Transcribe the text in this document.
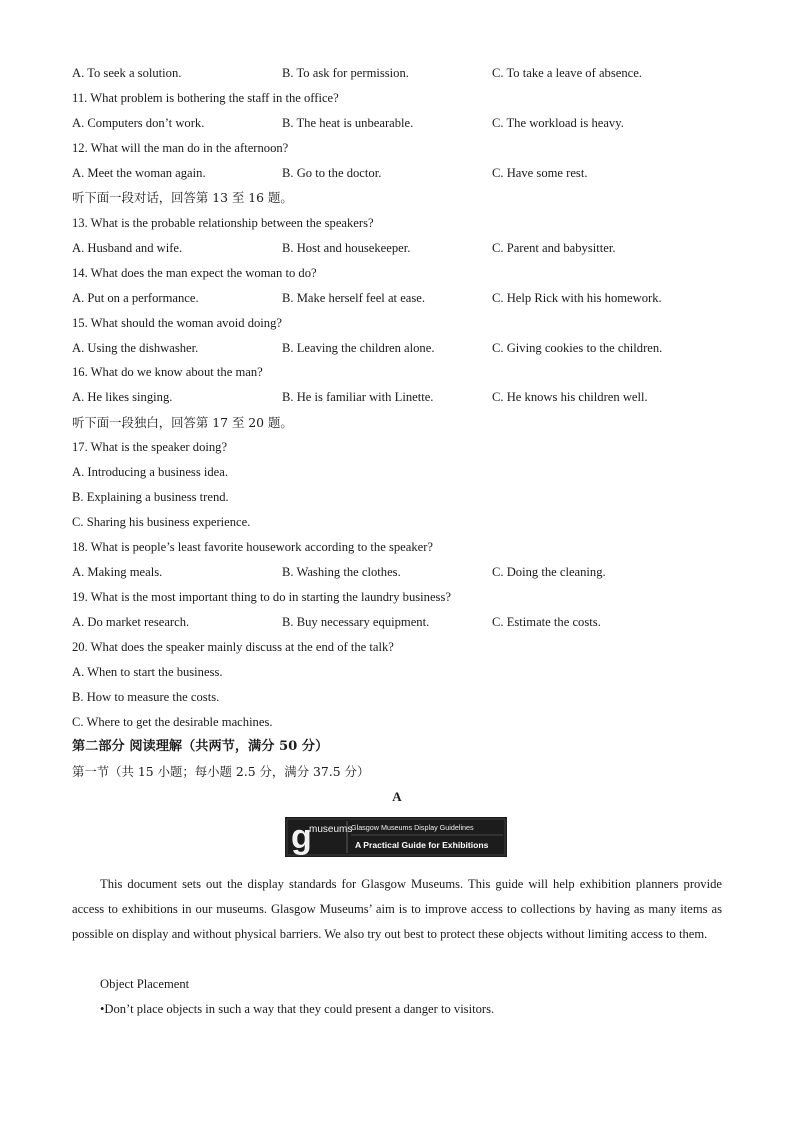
A. To seek a solution.	B. To ask for permission.	C. To take a leave of absence.
11. What problem is bothering the staff in the office?
A. Computers don’t work.	B. The heat is unbearable.	C. The workload is heavy.
12. What will the man do in the afternoon?
A. Meet the woman again.	B. Go to the doctor.	C. Have some rest.
听下面一段对话，回答第 13 至 16 题。
13. What is the probable relationship between the speakers?
A. Husband and wife.	B. Host and housekeeper.	C. Parent and babysitter.
14. What does the man expect the woman to do?
A. Put on a performance.	B. Make herself feel at ease.	C. Help Rick with his homework.
15. What should the woman avoid doing?
A. Using the dishwasher.	B. Leaving the children alone.	C. Giving cookies to the children.
16. What do we know about the man?
A. He likes singing.	B. He is familiar with Linette.	C. He knows his children well.
听下面一段独白，回答第 17 至 20 题。
17. What is the speaker doing?
A. Introducing a business idea.
B. Explaining a business trend.
C. Sharing his business experience.
18. What is people’s least favorite housework according to the speaker?
A. Making meals.	B. Washing the clothes.	C. Doing the cleaning.
19. What is the most important thing to do in starting the laundry business?
A. Do market research.	B. Buy necessary equipment.	C. Estimate the costs.
20. What does the speaker mainly discuss at the end of the talk?
A. When to start the business.
B. How to measure the costs.
C. Where to get the desirable machines.
第二部分 阅读理解（共两节，满分 50 分）
第一节（共 15 小题；每小题 2.5 分，满分 37.5 分）
A
g
museums
Glasgow Museums Display Guidelines
A Practical Guide for Exhibitions
This document sets out the display standards for Glasgow Museums. This guide will help exhibition planners provide access to exhibitions in our museums. Glasgow Museums’ aim is to improve access to collections by having as many items as possible on display and without physical barriers. We also try out best to protect these objects without limiting access to them.
Object Placement
•Don’t place objects in such a way that they could present a danger to visitors.
